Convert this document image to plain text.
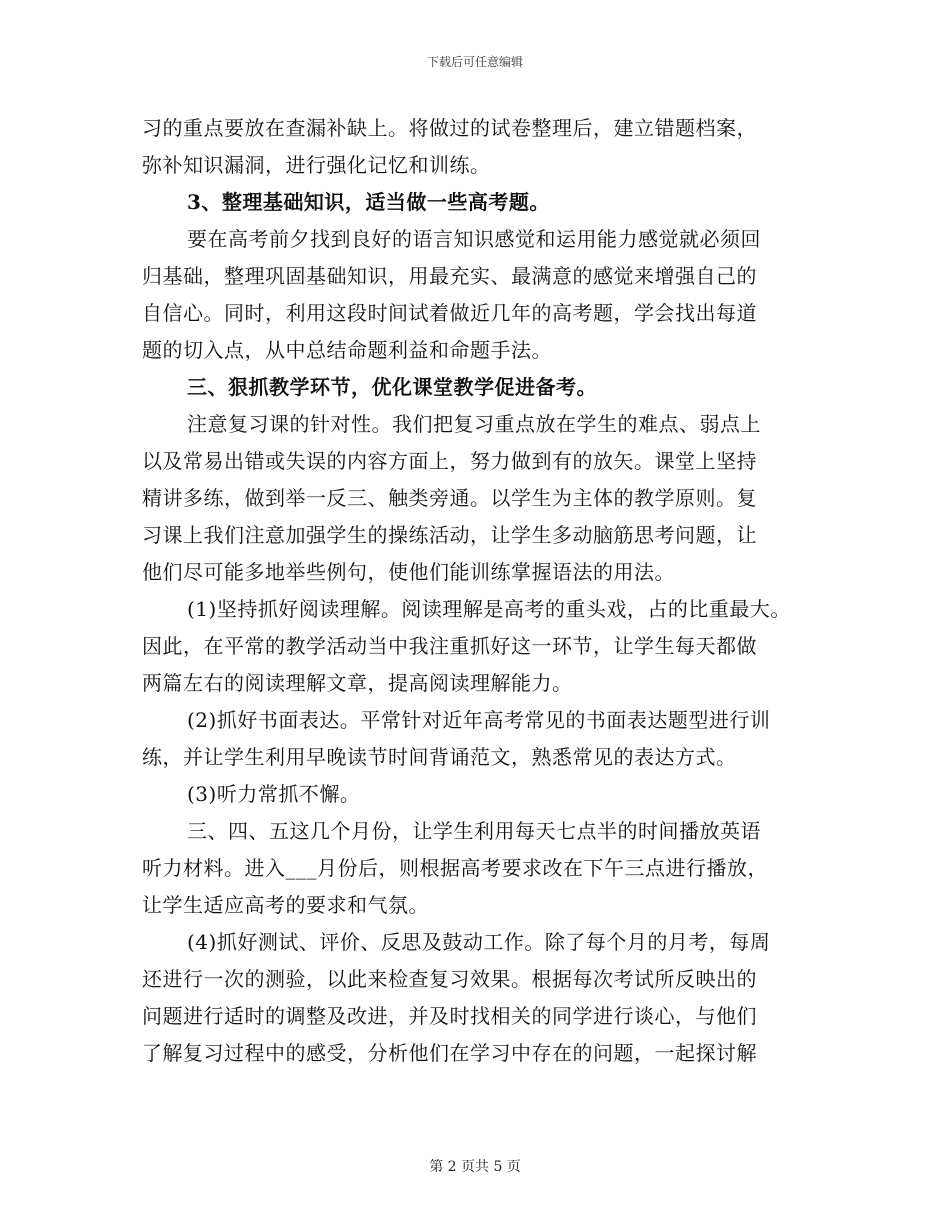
下载后可任意编辑
习的重点要放在查漏补缺上。将做过的试卷整理后，建立错题档案，
弥补知识漏洞，进行强化记忆和训练。
3、整理基础知识，适当做一些高考题。
要在高考前夕找到良好的语言知识感觉和运用能力感觉就必须回
归基础，整理巩固基础知识，用最充实、最满意的感觉来增强自己的
自信心。同时，利用这段时间试着做近几年的高考题，学会找出每道
题的切入点，从中总结命题利益和命题手法。
三、狠抓教学环节，优化课堂教学促进备考。
注意复习课的针对性。我们把复习重点放在学生的难点、弱点上
以及常易出错或失误的内容方面上，努力做到有的放矢。课堂上坚持
精讲多练，做到举一反三、触类旁通。以学生为主体的教学原则。复
习课上我们注意加强学生的操练活动，让学生多动脑筋思考问题，让
他们尽可能多地举些例句，使他们能训练掌握语法的用法。
(1)坚持抓好阅读理解。阅读理解是高考的重头戏，占的比重最大。
因此，在平常的教学活动当中我注重抓好这一环节，让学生每天都做
两篇左右的阅读理解文章，提高阅读理解能力。
(2)抓好书面表达。平常针对近年高考常见的书面表达题型进行训
练，并让学生利用早晚读节时间背诵范文，熟悉常见的表达方式。
(3)听力常抓不懈。
三、四、五这几个月份，让学生利用每天七点半的时间播放英语
听力材料。进入___月份后，则根据高考要求改在下午三点进行播放，
让学生适应高考的要求和气氛。
(4)抓好测试、评价、反思及鼓动工作。除了每个月的月考，每周
还进行一次的测验，以此来检查复习效果。根据每次考试所反映出的
问题进行适时的调整及改进，并及时找相关的同学进行谈心，与他们
了解复习过程中的感受，分析他们在学习中存在的问题，一起探讨解
第 2 页共 5 页
